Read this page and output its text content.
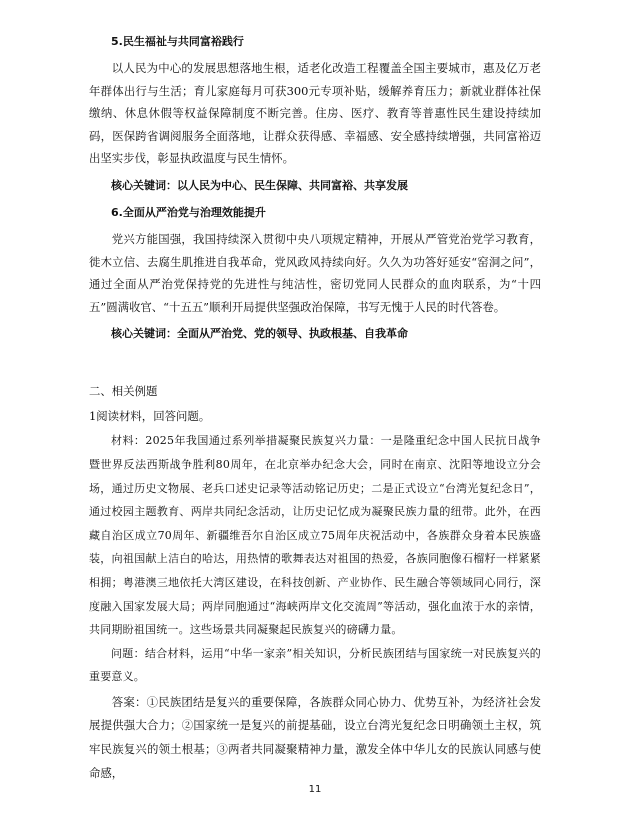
5.民生福祉与共同富裕践行

以人民为中心的发展思想落地生根，适老化改造工程覆盖全国主要城市，惠及亿万老年群体出行与生活；育儿家庭每月可获300元专项补贴，缓解养育压力；新就业群体社保缴纳、休息休假等权益保障制度不断完善。住房、医疗、教育等普惠性民生建设持续加码，医保跨省调阅服务全面落地，让群众获得感、幸福感、安全感持续增强，共同富裕迈出坚实步伐，彰显执政温度与民生情怀。

核心关键词：以人民为中心、民生保障、共同富裕、共享发展

6.全面从严治党与治理效能提升

党兴方能国强，我国持续深入贯彻中央八项规定精神，开展从严管党治党学习教育，徙木立信、去腐生肌推进自我革命，党风政风持续向好。久久为功答好延安“窑洞之问”，通过全面从严治党保持党的先进性与纯洁性，密切党同人民群众的血肉联系，为“十四五”圆满收官、“十五五”顺利开局提供坚强政治保障，书写无愧于人民的时代答卷。

核心关键词：全面从严治党、党的领导、执政根基、自我革命

二、相关例题

1阅读材料，回答问题。

材料：2025年我国通过系列举措凝聚民族复兴力量：一是隆重纪念中国人民抗日战争暨世界反法西斯战争胜利80周年，在北京举办纪念大会，同时在南京、沈阳等地设立分会场，通过历史文物展、老兵口述史记录等活动铭记历史；二是正式设立“台湾光复纪念日”，通过校园主题教育、两岸共同纪念活动，让历史记忆成为凝聚民族力量的纽带。此外，在西藏自治区成立70周年、新疆维吾尔自治区成立75周年庆祝活动中，各族群众身着本民族盛装，向祖国献上洁白的哈达，用热情的歌舞表达对祖国的热爱，各族同胞像石榴籽一样紧紧相拥；粤港澳三地依托大湾区建设，在科技创新、产业协作、民生融合等领域同心同行，深度融入国家发展大局；两岸同胞通过“海峡两岸文化交流周”等活动，强化血浓于水的亲情，共同期盼祖国统一。这些场景共同凝聚起民族复兴的磅礴力量。

问题：结合材料，运用“中华一家亲”相关知识，分析民族团结与国家统一对民族复兴的重要意义。

答案：①民族团结是复兴的重要保障，各族群众同心协力、优势互补，为经济社会发展提供强大合力；②国家统一是复兴的前提基础，设立台湾光复纪念日明确领土主权，筑牢民族复兴的领土根基；③两者共同凝聚精神力量，激发全体中华儿女的民族认同感与使命感，

11
